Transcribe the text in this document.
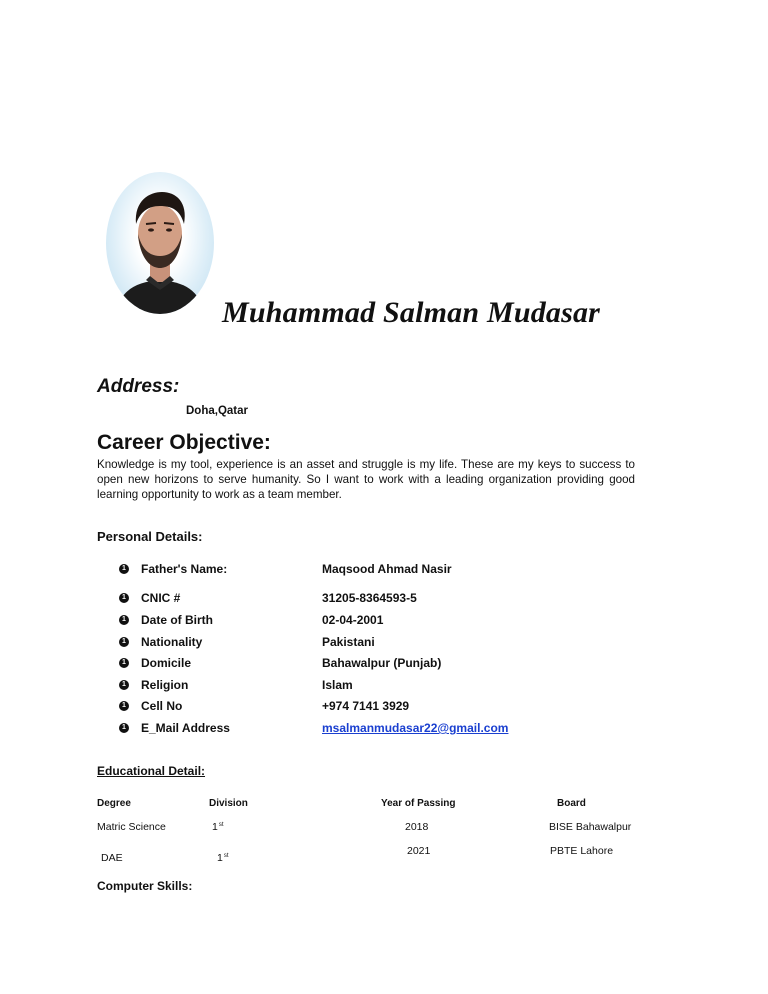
Muhammad Salman Mudasar
Address:
Doha,Qatar
Career Objective:
Knowledge is my tool, experience is an asset and struggle is my life. These are my keys to success to open new horizons to serve humanity. So I want to work with a leading organization providing good learning opportunity to work as a team member.
Personal Details:
1 Father's Name:	Maqsood Ahmad Nasir
1 CNIC #	31205-8364593-5
1 Date of Birth	02-04-2001
1 Nationality	Pakistani
1 Domicile	Bahawalpur (Punjab)
1 Religion	Islam
1 Cell No	+974 7141 3929
1 E_Mail Address	msalmanmudasar22@gmail.com
Educational Detail:
Degree	Division	Year of Passing	Board
Matric Science	1st	2018	BISE Bahawalpur
DAE	1st	2021	PBTE Lahore
Computer Skills:
